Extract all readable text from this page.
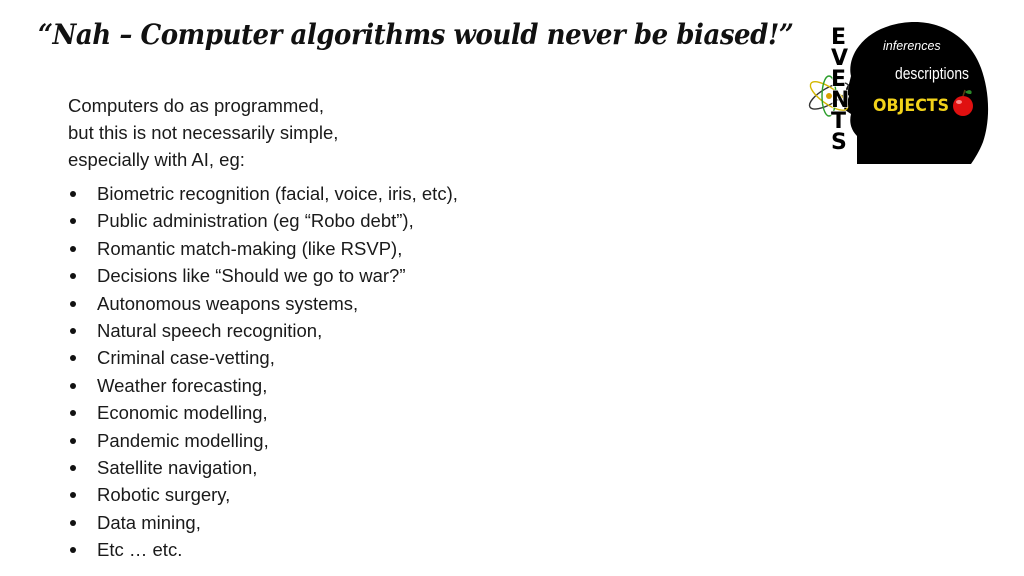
“Nah – Computer algorithms would never be biased!”
Computers do as programmed,
but this is not necessarily simple,
especially with AI, eg:
Biometric recognition (facial, voice, iris, etc),
Public administration (eg “Robo debt”),
Romantic match-making (like RSVP),
Decisions like “Should we go to war?”
Autonomous weapons systems,
Natural speech recognition,
Criminal case-vetting,
Weather forecasting,
Economic modelling,
Pandemic modelling,
Satellite navigation,
Robotic surgery,
Data mining,
Etc … etc.
E
V
E
N
T
S
inferences
descriptions
OBJECTS
